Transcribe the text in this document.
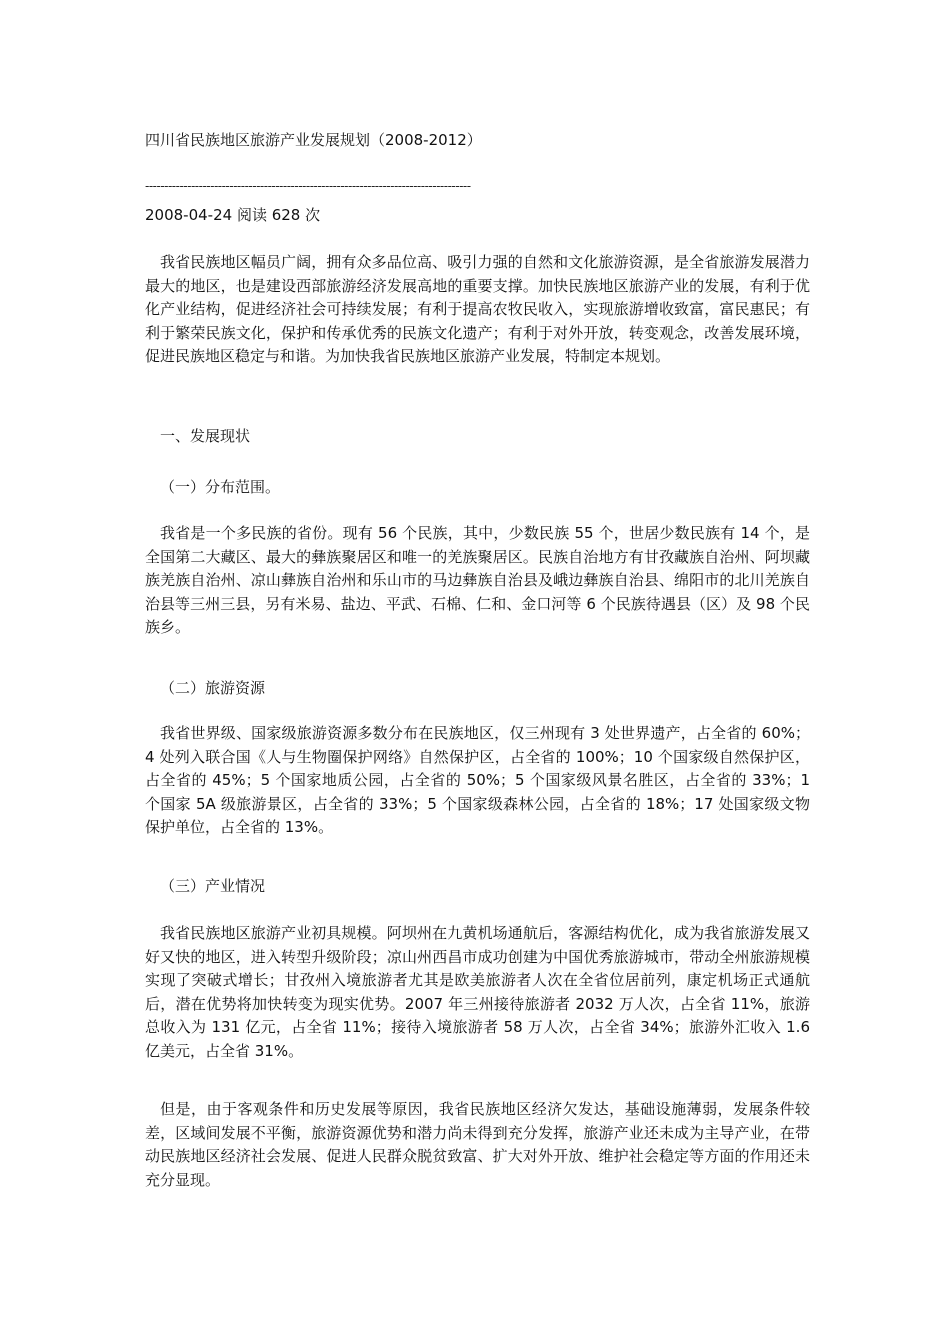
四川省民族地区旅游产业发展规划（2008-2012）
-------------------------------------------------------------------------------------
2008-04-24 阅读 628 次

我省民族地区幅员广阔，拥有众多品位高、吸引力强的自然和文化旅游资源，是全省旅游发展潜力最大的地区，也是建设西部旅游经济发展高地的重要支撑。加快民族地区旅游产业的发展，有利于优化产业结构，促进经济社会可持续发展；有利于提高农牧民收入，实现旅游增收致富，富民惠民；有利于繁荣民族文化，保护和传承优秀的民族文化遗产；有利于对外开放，转变观念，改善发展环境，促进民族地区稳定与和谐。为加快我省民族地区旅游产业发展，特制定本规划。

一、发展现状
（一）分布范围。

我省是一个多民族的省份。现有 56 个民族，其中，少数民族 55 个，世居少数民族有 14 个，是全国第二大藏区、最大的彝族聚居区和唯一的羌族聚居区。民族自治地方有甘孜藏族自治州、阿坝藏族羌族自治州、凉山彝族自治州和乐山市的马边彝族自治县及峨边彝族自治县、绵阳市的北川羌族自治县等三州三县，另有米易、盐边、平武、石棉、仁和、金口河等 6 个民族待遇县（区）及 98 个民族乡。

（二）旅游资源

我省世界级、国家级旅游资源多数分布在民族地区，仅三州现有 3 处世界遗产，占全省的 60%；4 处列入联合国《人与生物圈保护网络》自然保护区，占全省的 100%；10 个国家级自然保护区，占全省的 45%；5 个国家地质公园，占全省的 50%；5 个国家级风景名胜区，占全省的 33%；1 个国家 5A 级旅游景区，占全省的 33%；5 个国家级森林公园，占全省的 18%；17 处国家级文物保护单位，占全省的 13%。

（三）产业情况

我省民族地区旅游产业初具规模。阿坝州在九黄机场通航后，客源结构优化，成为我省旅游发展又好又快的地区，进入转型升级阶段；凉山州西昌市成功创建为中国优秀旅游城市，带动全州旅游规模实现了突破式增长；甘孜州入境旅游者尤其是欧美旅游者人次在全省位居前列，康定机场正式通航后，潜在优势将加快转变为现实优势。2007 年三州接待旅游者 2032 万人次，占全省 11%，旅游总收入为 131 亿元，占全省 11%；接待入境旅游者 58 万人次，占全省 34%；旅游外汇收入 1.6 亿美元，占全省 31%。

但是，由于客观条件和历史发展等原因，我省民族地区经济欠发达，基础设施薄弱，发展条件较差，区域间发展不平衡，旅游资源优势和潜力尚未得到充分发挥，旅游产业还未成为主导产业，在带动民族地区经济社会发展、促进人民群众脱贫致富、扩大对外开放、维护社会稳定等方面的作用还未充分显现。
